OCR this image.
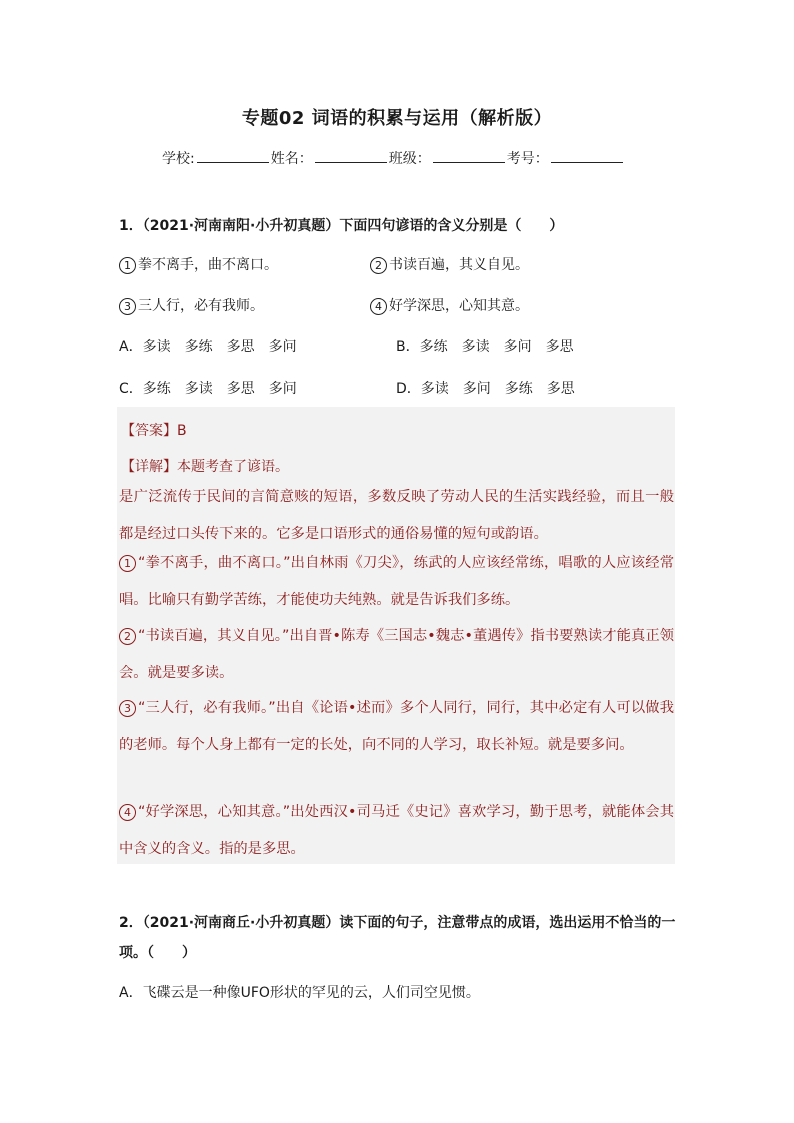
专题02 词语的积累与运用（解析版）
学校:	姓名：	班级：	考号：
1．（2021·河南南阳·小升初真题）下面四句谚语的含义分别是（　　）
1 拳不离手，曲不离口。	2 书读百遍，其义自见。
3 三人行，必有我师。	4 好学深思，心知其意。
A．多读　多练　多思　多问	B．多练　多读　多问　多思
C．多练　多读　多思　多问	D．多读　多问　多练　多思
【答案】B
【详解】本题考查了谚语。
是广泛流传于民间的言简意赅的短语，多数反映了劳动人民的生活实践经验，而且一般都是经过口头传下来的。它多是口语形式的通俗易懂的短句或韵语。
1 “拳不离手，曲不离口。”出自林雨《刀尖》，练武的人应该经常练，唱歌的人应该经常唱。比喻只有勤学苦练，才能使功夫纯熟。就是告诉我们多练。
2 “书读百遍，其义自见。”出自晋•陈寿《三国志•魏志•董遇传》指书要熟读才能真正领会。就是要多读。
3 “三人行，必有我师。”出自《论语•述而》多个人同行，同行，其中必定有人可以做我的老师。每个人身上都有一定的长处，向不同的人学习，取长补短。就是要多问。
4 “好学深思，心知其意。”出处西汉•司马迁《史记》喜欢学习，勤于思考，就能体会其中含义的含义。指的是多思。
2．（2021·河南商丘·小升初真题）读下面的句子，注意带点的成语，选出运用不恰当的一项。（　　）
A．飞碟云是一种像UFO形状的罕见的云，人们司空见惯。
